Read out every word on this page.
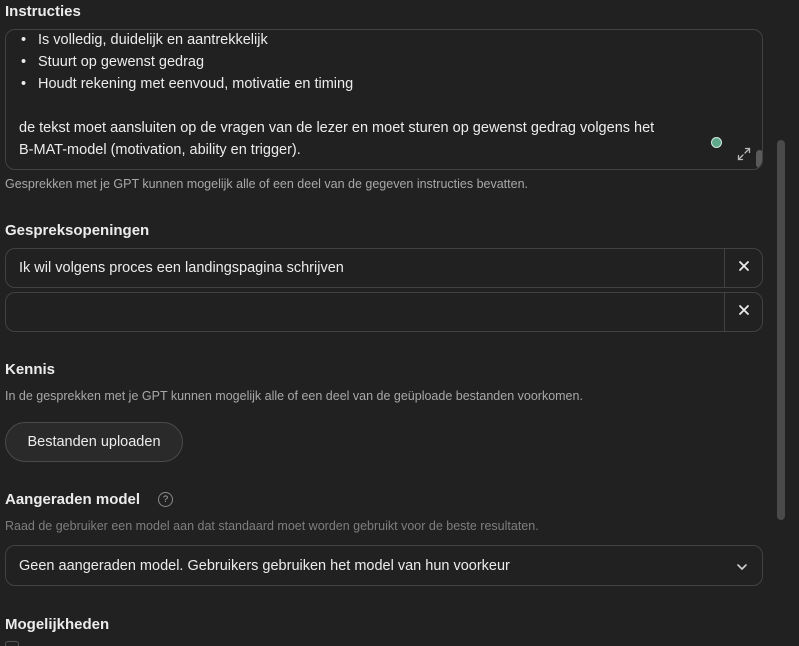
Instructies
• Is volledig, duidelijk en aantrekkelijk
• Stuurt op gewenst gedrag
• Houdt rekening met eenvoud, motivatie en timing
de tekst moet aansluiten op de vragen van de lezer en moet sturen op gewenst gedrag volgens het
B-MAT-model (motivation, ability en trigger).
Gesprekken met je GPT kunnen mogelijk alle of een deel van de gegeven instructies bevatten.
Gespreksopeningen
Ik wil volgens proces een landingspagina schrijven
Kennis
In de gesprekken met je GPT kunnen mogelijk alle of een deel van de geüploade bestanden voorkomen.
Bestanden uploaden
Aangeraden model	?
Raad de gebruiker een model aan dat standaard moet worden gebruikt voor de beste resultaten.
Geen aangeraden model. Gebruikers gebruiken het model van hun voorkeur
Mogelijkheden
